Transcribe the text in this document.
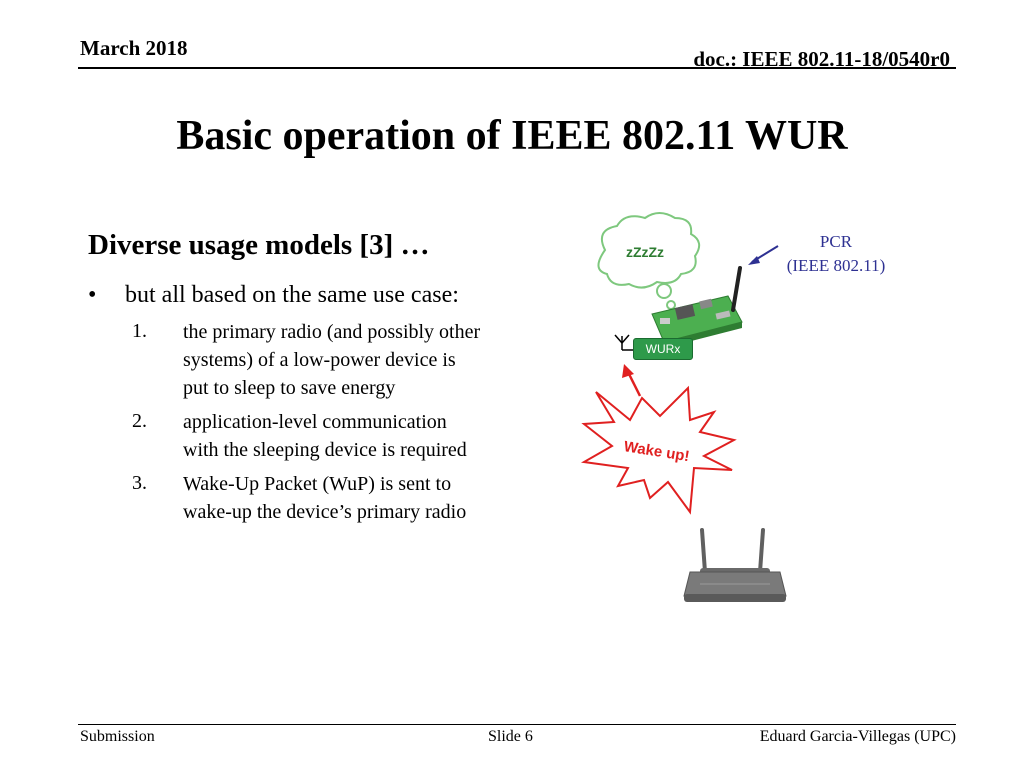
March 2018	doc.: IEEE 802.11-18/0540r0
Basic operation of IEEE 802.11 WUR
Diverse usage models [3] …
• but all based on the same use case:
1. the primary radio (and possibly other
systems) of a low-power device is
put to sleep to save energy
2. application-level communication
with the sleeping device is required
3. Wake-Up Packet (WuP) is sent to
wake-up the device’s primary radio
PCR
(IEEE 802.11)
zZzZz
WURx
Wake up!
Submission	Slide 6	Eduard Garcia-Villegas (UPC)
